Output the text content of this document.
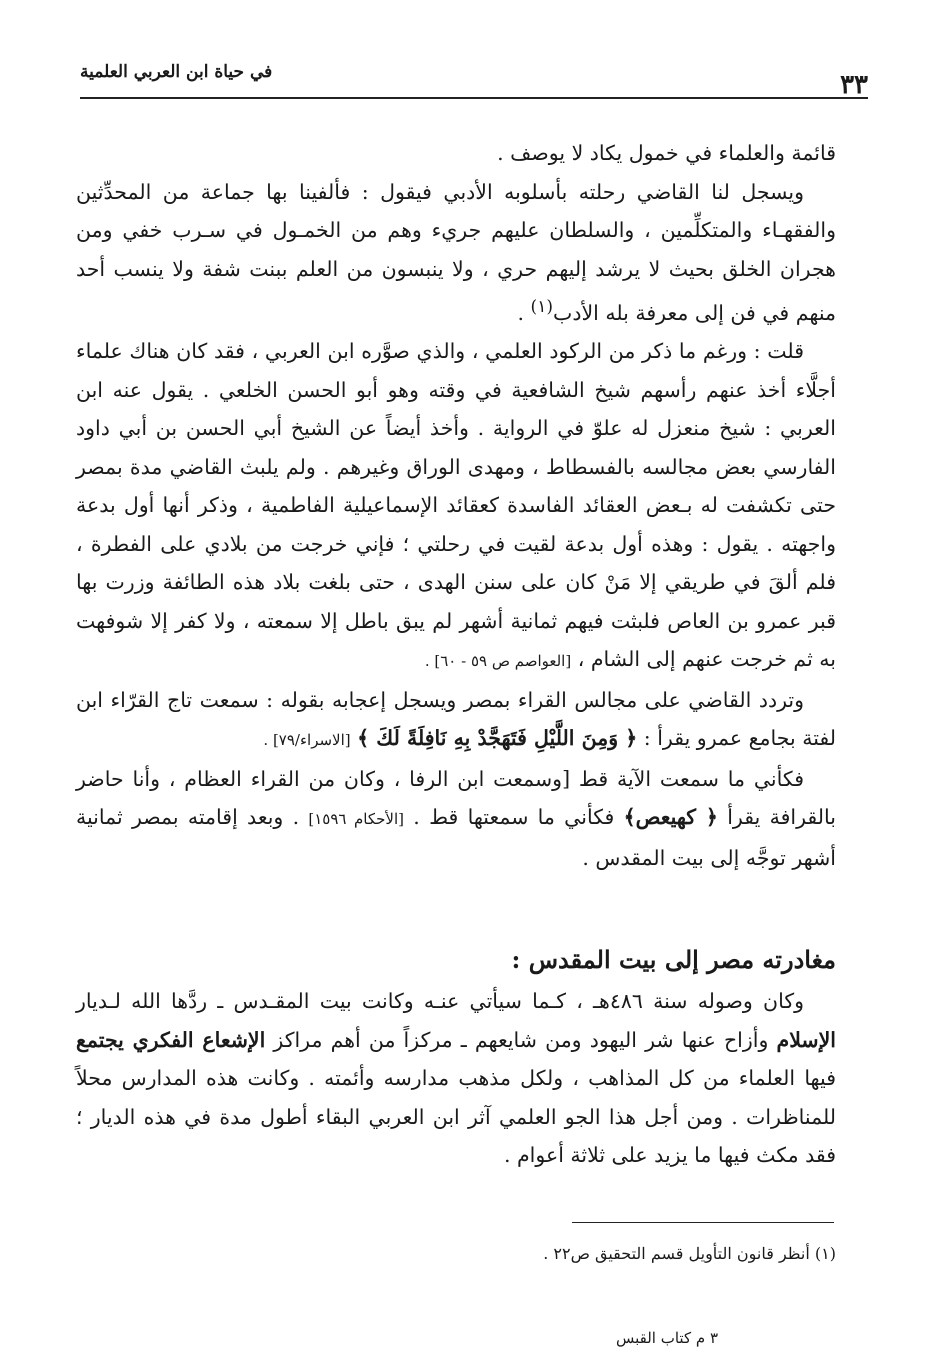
٣٣
في حياة ابن العربي العلمية

قائمة والعلماء في خمول يكاد لا يوصف .

ويسجل لنا القاضي رحلته بأسلوبه الأدبي فيقول : فألفينا بها جماعة من المحدِّثين والفقهـاء والمتكلِّمين ، والسلطان عليهم جريء وهم من الخمـول في سـرب خفي ومن هجران الخلق بحيث لا يرشد إليهم حري ، ولا ينبسون من العلم ببنت شفة ولا ينسب أحد منهم في فن إلى معرفة بله الأدب$^{(١)}$ .

قلت : ورغم ما ذكر من الركود العلمي ، والذي صوَّره ابن العربي ، فقد كان هناك علماء أجلَّاء أخذ عنهم رأسهم شيخ الشافعية في وقته وهو أبو الحسن الخلعي . يقول عنه ابن العربي : شيخ منعزل له علوّ في الرواية . وأخذ أيضاً عن الشيخ أبي الحسن بن أبي داود الفارسي بعض مجالسه بالفسطاط ، ومهدى الوراق وغيرهم . ولم يلبث القاضي مدة بمصر حتى تكشفت له بـعض العقائد الفاسدة كعقائد الإسماعيلية الفاطمية ، وذكر أنها أول بدعة واجهته . يقول : وهذه أول بدعة لقيت في رحلتي ؛ فإني خرجت من بلادي على الفطرة ، فلم ألقَ في طريقي إلا مَنْ كان على سنن الهدى ، حتى بلغت بلاد هذه الطائفة وزرت بها قبر عمرو بن العاص فلبثت فيهم ثمانية أشهر لم يبق باطل إلا سمعته ، ولا كفر إلا شوفهت به ثم خرجت عنهم إلى الشام ، [العواصم ص ٥٩ - ٦٠] .

وتردد القاضي على مجالس القراء بمصر ويسجل إعجابه بقوله : سمعت تاج القرّاء ابن لفتة بجامع عمرو يقرأ : ﴿ وَمِنَ اللَّيْلِ فَتَهَجَّدْ بِهِ نَافِلَةً لَكَ ﴾ [الاسراء/٧٩] .

فكأني ما سمعت الآية قط [وسمعت ابن الرفا ، وكان من القراء العظام ، وأنا حاضر بالقرافة يقرأ ﴿ كهيعص﴾ فكأني ما سمعتها قط . [الأحكام ١٥٩٦] . وبعد إقامته بمصر ثمانية أشهر توجَّه إلى بيت المقدس .

مغادرته مصر إلى بيت المقدس :

وكان وصوله سنة ٤٨٦هـ ، كـما سيأتي عنـه وكانت بيت المقـدس ـ ردَّها الله لـديار الإسلام وأزاح عنها شر اليهود ومن شايعهم ـ مركزاً من أهم مراكز الإشعاع الفكري يجتمع فيها العلماء من كل المذاهب ، ولكل مذهب مدارسه وأئمته . وكانت هذه المدارس محلاً للمناظرات . ومن أجل هذا الجو العلمي آثر ابن العربي البقاء أطول مدة في هذه الديار ؛ فقد مكث فيها ما يزيد على ثلاثة أعوام .

(١) أنظر قانون التأويل قسم التحقيق ص٢٢ .
٣ م كتاب القبس
